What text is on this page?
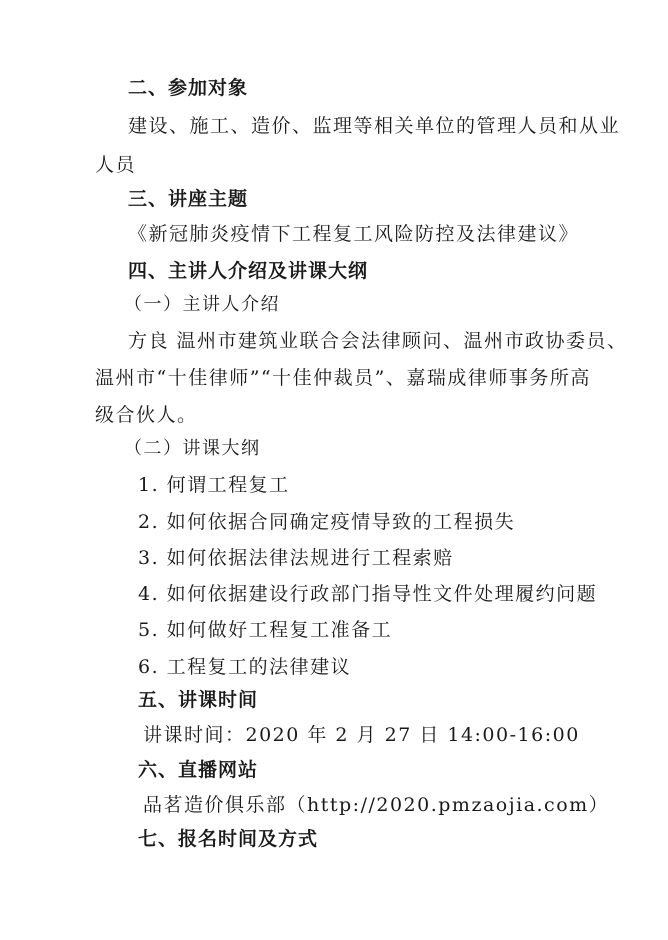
二、参加对象
建设、施工、造价、监理等相关单位的管理人员和从业
人员
三、讲座主题
《新冠肺炎疫情下工程复工风险防控及法律建议》
四、主讲人介绍及讲课大纲
（一）主讲人介绍
方良 温州市建筑业联合会法律顾问、温州市政协委员、
温州市“十佳律师”“十佳仲裁员”、嘉瑞成律师事务所高
级合伙人。
（二）讲课大纲
1. 何谓工程复工
2. 如何依据合同确定疫情导致的工程损失
3. 如何依据法律法规进行工程索赔
4. 如何依据建设行政部门指导性文件处理履约问题
5. 如何做好工程复工准备工
6. 工程复工的法律建议
五、讲课时间
讲课时间：2020 年 2 月 27 日 14:00-16:00
六、直播网站
品茗造价俱乐部（http://2020.pmzaojia.com）
七、报名时间及方式
